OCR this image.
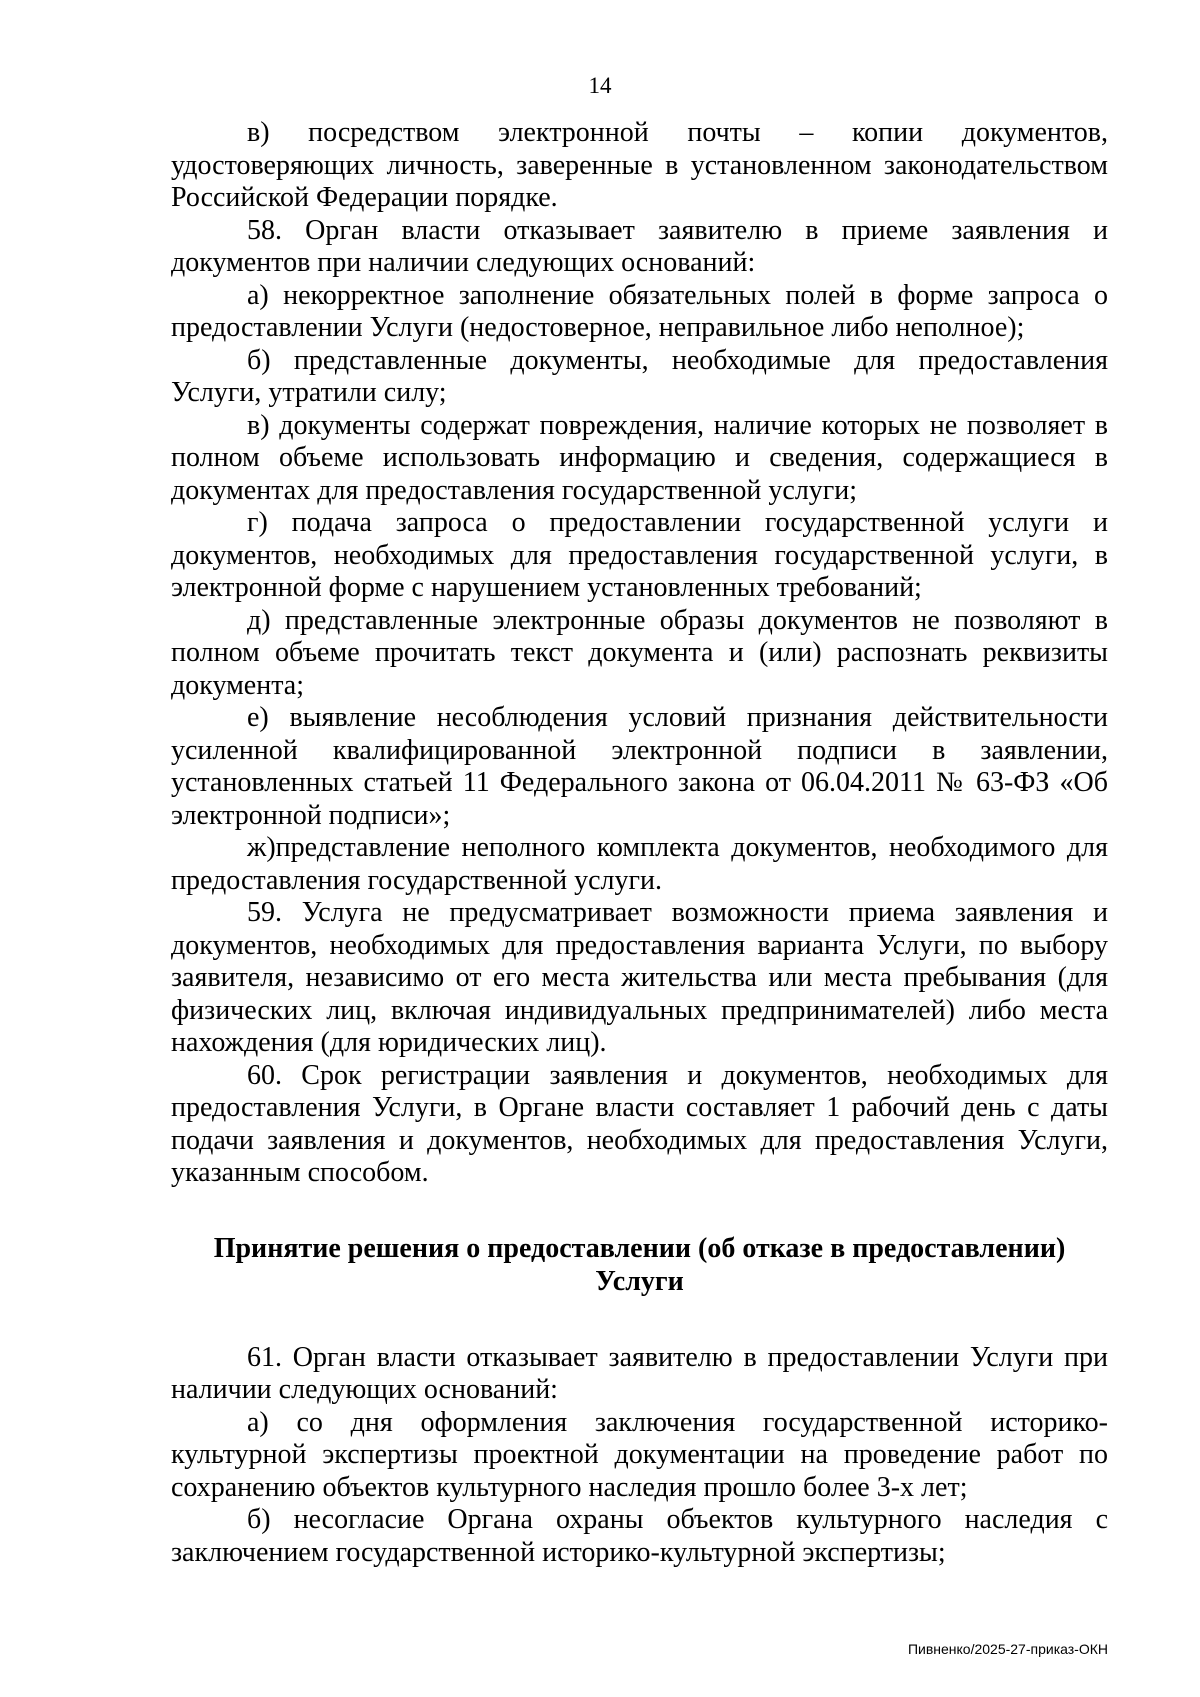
14

в) посредством электронной почты – копии документов, удостоверяющих личность, заверенные в установленном законодательством Российской Федерации порядке.

58. Орган власти отказывает заявителю в приеме заявления и документов при наличии следующих оснований:

а) некорректное заполнение обязательных полей в форме запроса о предоставлении Услуги (недостоверное, неправильное либо неполное);

б) представленные документы, необходимые для предоставления Услуги, утратили силу;

в) документы содержат повреждения, наличие которых не позволяет в полном объеме использовать информацию и сведения, содержащиеся в документах для предоставления государственной услуги;

г) подача запроса о предоставлении государственной услуги и документов, необходимых для предоставления государственной услуги, в электронной форме с нарушением установленных требований;

д) представленные электронные образы документов не позволяют в полном объеме прочитать текст документа и (или) распознать реквизиты документа;

е) выявление несоблюдения условий признания действительности усиленной квалифицированной электронной подписи в заявлении, установленных статьей 11 Федерального закона от 06.04.2011 № 63-ФЗ «Об электронной подписи»;

ж)представление неполного комплекта документов, необходимого для предоставления государственной услуги.

59. Услуга не предусматривает возможности приема заявления и документов, необходимых для предоставления варианта Услуги, по выбору заявителя, независимо от его места жительства или места пребывания (для физических лиц, включая индивидуальных предпринимателей) либо места нахождения (для юридических лиц).

60. Срок регистрации заявления и документов, необходимых для предоставления Услуги, в Органе власти составляет 1 рабочий день с даты подачи заявления и документов, необходимых для предоставления Услуги, указанным способом.

Принятие решения о предоставлении (об отказе в предоставлении)
Услуги

61. Орган власти отказывает заявителю в предоставлении Услуги при наличии следующих оснований:

а) со дня оформления заключения государственной историко-культурной экспертизы проектной документации на проведение работ по сохранению объектов культурного наследия прошло более 3-х лет;

б) несогласие Органа охраны объектов культурного наследия с заключением государственной историко-культурной экспертизы;

Пивненко/2025-27-приказ-ОКН
